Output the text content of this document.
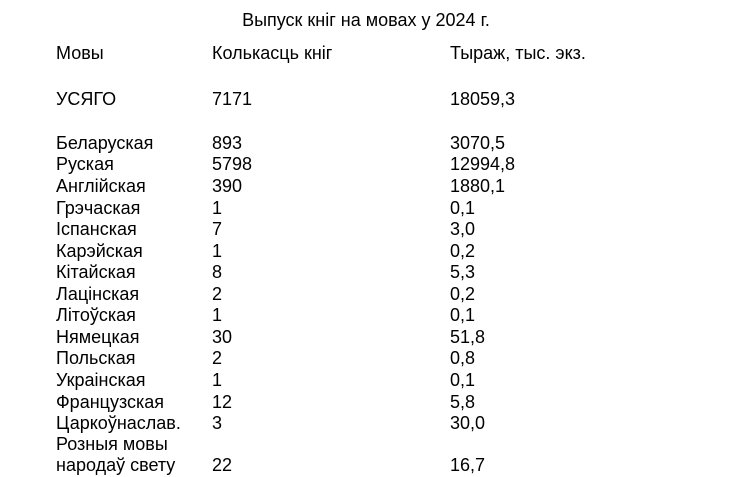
Выпуск кніг на мовах у 2024 г.
Мовы	Колькасць кніг	Тыраж, тыс. экз.
УСЯГО	7171	18059,3
Беларуская	893	3070,5
Руская	5798	12994,8
Англійская	390	1880,1
Грэчаская	1	0,1
Іспанская	7	3,0
Карэйская	1	0,2
Кітайская	8	5,3
Лацінская	2	0,2
Літоўская	1	0,1
Нямецкая	30	51,8
Польская	2	0,8
Украінская	1	0,1
Французская	12	5,8
Царкоўнаслав. 3	30,0
Розныя мовы
народаў свету 22	16,7
